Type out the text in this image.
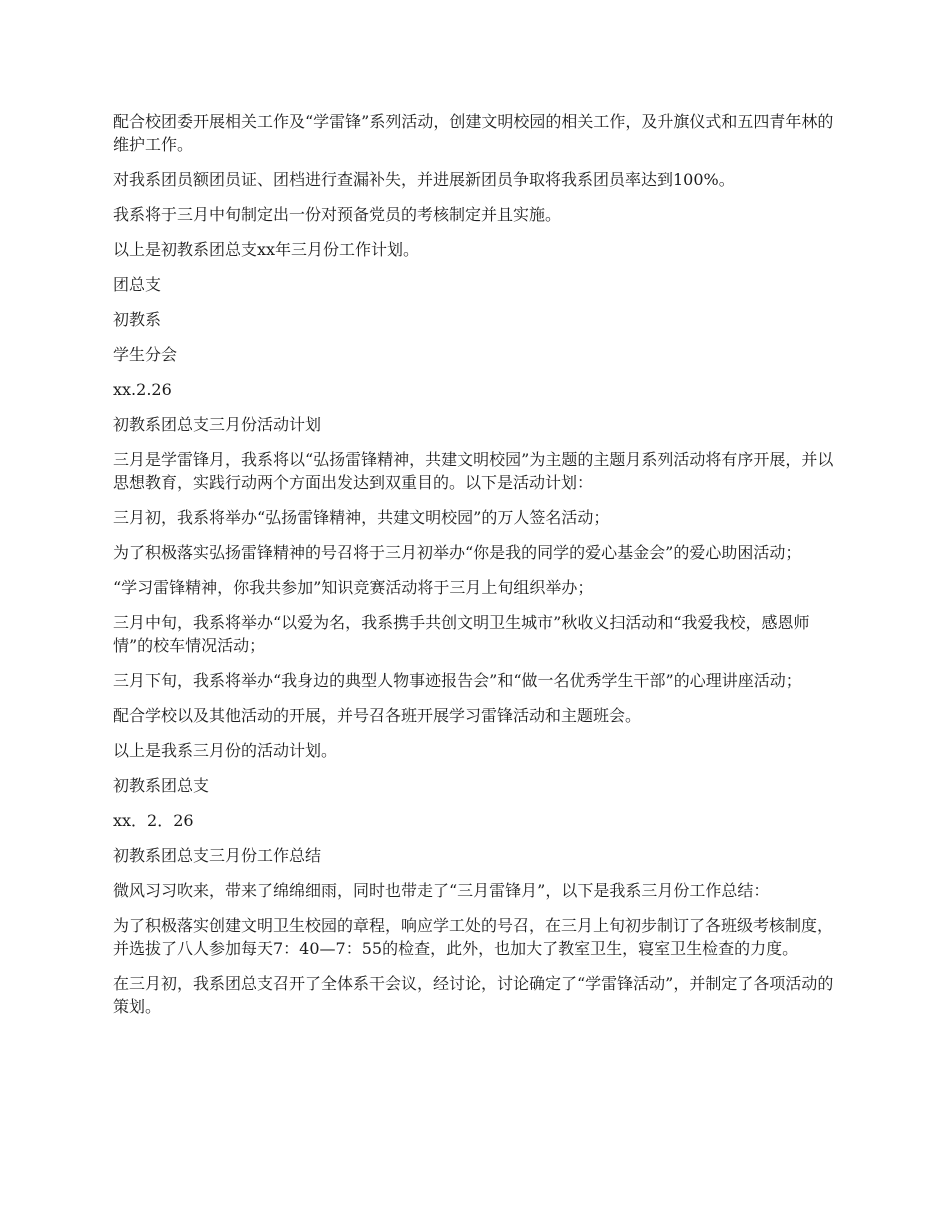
配合校团委开展相关工作及“学雷锋”系列活动，创建文明校园的相关工作，及升旗仪式和五四青年林的维护工作。

对我系团员额团员证、团档进行查漏补失，并进展新团员争取将我系团员率达到100%。

我系将于三月中旬制定出一份对预备党员的考核制定并且实施。

以上是初教系团总支xx年三月份工作计划。

团总支

初教系

学生分会

xx.2.26

初教系团总支三月份活动计划

三月是学雷锋月，我系将以“弘扬雷锋精神，共建文明校园”为主题的主题月系列活动将有序开展，并以思想教育，实践行动两个方面出发达到双重目的。以下是活动计划：

三月初，我系将举办“弘扬雷锋精神，共建文明校园”的万人签名活动；

为了积极落实弘扬雷锋精神的号召将于三月初举办“你是我的同学的爱心基金会”的爱心助困活动；

“学习雷锋精神，你我共参加”知识竞赛活动将于三月上旬组织举办；

三月中旬，我系将举办“以爱为名，我系携手共创文明卫生城市”秋收义扫活动和“我爱我校，感恩师情”的校车情况活动；

三月下旬，我系将举办“我身边的典型人物事迹报告会”和“做一名优秀学生干部”的心理讲座活动；

配合学校以及其他活动的开展，并号召各班开展学习雷锋活动和主题班会。

以上是我系三月份的活动计划。

初教系团总支

xx．2．26

初教系团总支三月份工作总结

微风习习吹来，带来了绵绵细雨，同时也带走了“三月雷锋月”，以下是我系三月份工作总结：

为了积极落实创建文明卫生校园的章程，响应学工处的号召，在三月上旬初步制订了各班级考核制度，并选拔了八人参加每天7：40—7：55的检查，此外，也加大了教室卫生，寝室卫生检查的力度。

在三月初，我系团总支召开了全体系干会议，经讨论，讨论确定了“学雷锋活动”，并制定了各项活动的策划。
